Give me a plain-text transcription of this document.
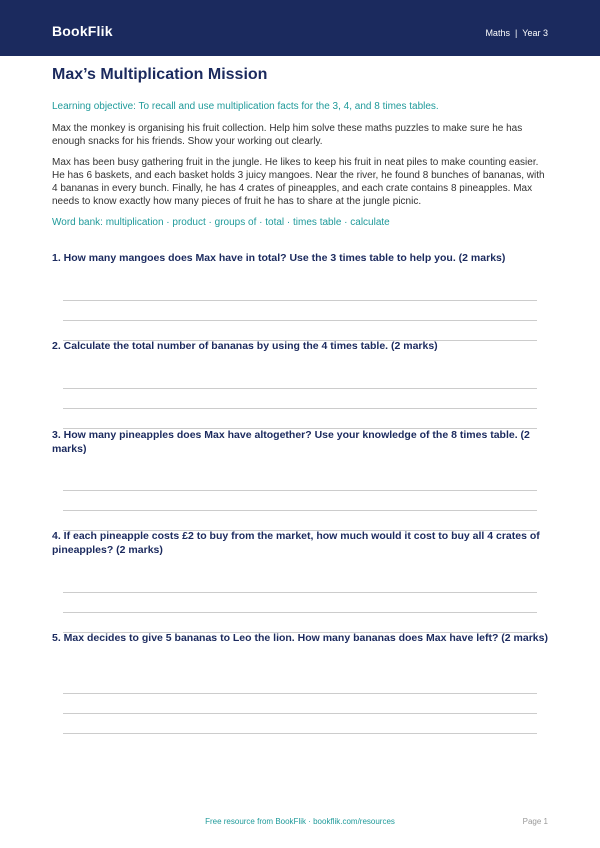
BookFlik	Maths | Year 3
Max’s Multiplication Mission
Learning objective: To recall and use multiplication facts for the 3, 4, and 8 times tables.
Max the monkey is organising his fruit collection. Help him solve these maths puzzles to make sure he has enough snacks for his friends. Show your working out clearly.
Max has been busy gathering fruit in the jungle. He likes to keep his fruit in neat piles to make counting easier. He has 6 baskets, and each basket holds 3 juicy mangoes. Near the river, he found 8 bunches of bananas, with 4 bananas in every bunch. Finally, he has 4 crates of pineapples, and each crate contains 8 pineapples. Max needs to know exactly how many pieces of fruit he has to share at the jungle picnic.
Word bank: multiplication · product · groups of · total · times table · calculate
1. How many mangoes does Max have in total? Use the 3 times table to help you. (2 marks)
2. Calculate the total number of bananas by using the 4 times table. (2 marks)
3. How many pineapples does Max have altogether? Use your knowledge of the 8 times table. (2 marks)
4. If each pineapple costs £2 to buy from the market, how much would it cost to buy all 4 crates of pineapples? (2 marks)
5. Max decides to give 5 bananas to Leo the lion. How many bananas does Max have left? (2 marks)
Free resource from BookFlik · bookflik.com/resources	Page 1
